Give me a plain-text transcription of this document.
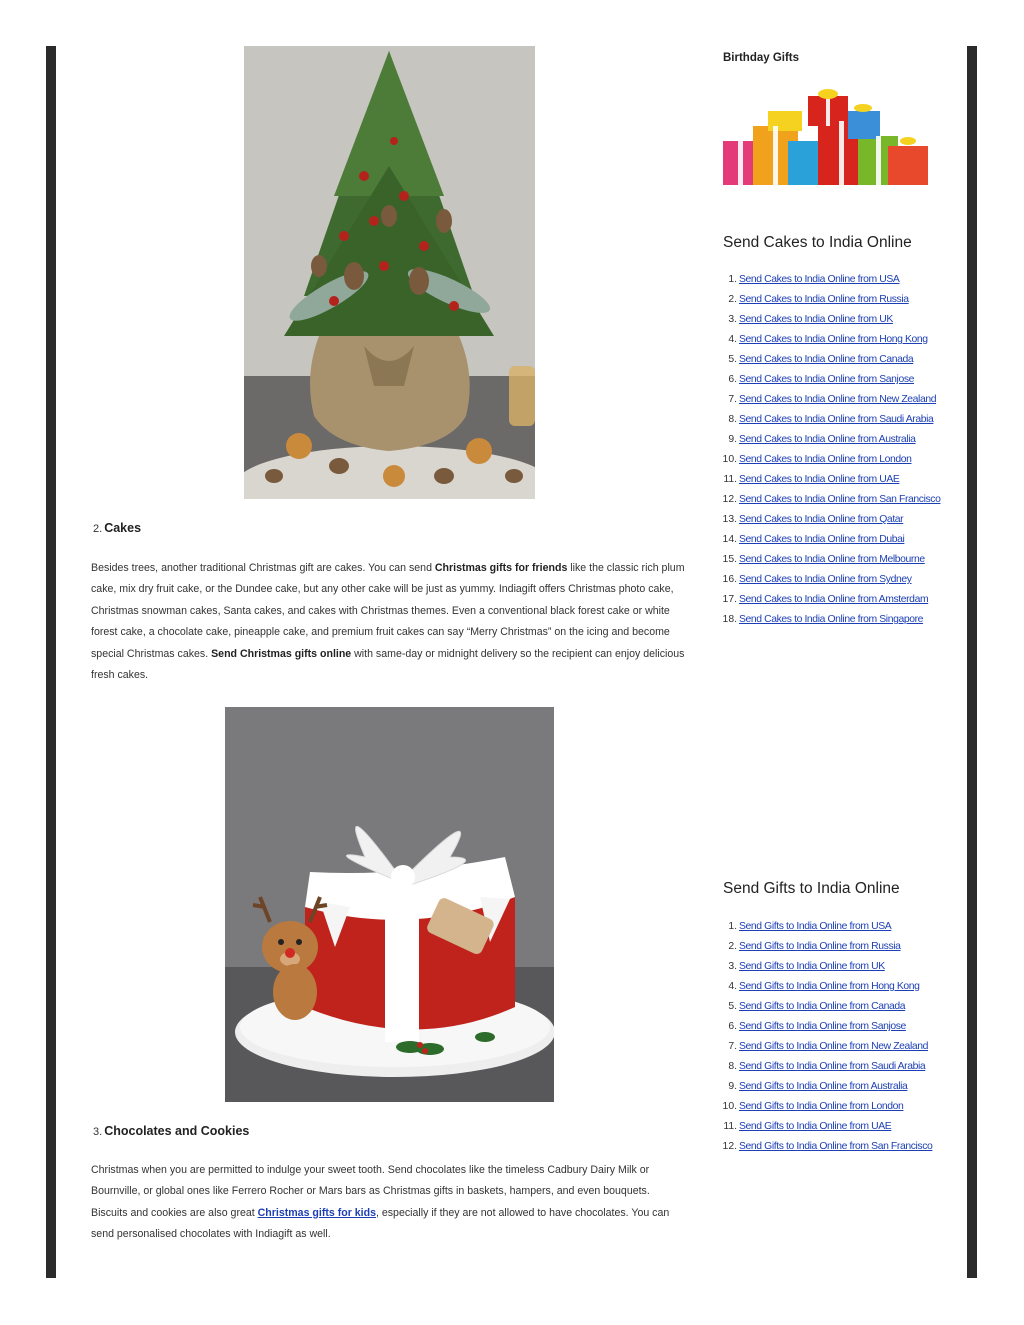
2. Cakes

Besides trees, another traditional Christmas gift are cakes. You can send Christmas gifts for friends like the classic rich plum cake, mix dry fruit cake, or the Dundee cake, but any other cake will be just as yummy. Indiagift offers Christmas photo cake, Christmas snowman cakes, Santa cakes, and cakes with Christmas themes. Even a conventional black forest cake or white forest cake, a chocolate cake, pineapple cake, and premium fruit cakes can say “Merry Christmas” on the icing and become special Christmas cakes. Send Christmas gifts online with same-day or midnight delivery so the recipient can enjoy delicious fresh cakes.

3. Chocolates and Cookies

Christmas when you are permitted to indulge your sweet tooth. Send chocolates like the timeless Cadbury Dairy Milk or Bournville, or global ones like Ferrero Rocher or Mars bars as Christmas gifts in baskets, hampers, and even bouquets. Biscuits and cookies are also great Christmas gifts for kids, especially if they are not allowed to have chocolates. You can send personalised chocolates with Indiagift as well.

Birthday Gifts
Send Cakes to India Online
1. Send Cakes to India Online from USA
2. Send Cakes to India Online from Russia
3. Send Cakes to India Online from UK
4. Send Cakes to India Online from Hong Kong
5. Send Cakes to India Online from Canada
6. Send Cakes to India Online from Sanjose
7. Send Cakes to India Online from New Zealand
8. Send Cakes to India Online from Saudi Arabia
9. Send Cakes to India Online from Australia
10. Send Cakes to India Online from London
11. Send Cakes to India Online from UAE
12. Send Cakes to India Online from San Francisco
13. Send Cakes to India Online from Qatar
14. Send Cakes to India Online from Dubai
15. Send Cakes to India Online from Melbourne
16. Send Cakes to India Online from Sydney
17. Send Cakes to India Online from Amsterdam
18. Send Cakes to India Online from Singapore
Send Gifts to India Online
1. Send Gifts to India Online from USA
2. Send Gifts to India Online from Russia
3. Send Gifts to India Online from UK
4. Send Gifts to India Online from Hong Kong
5. Send Gifts to India Online from Canada
6. Send Gifts to India Online from Sanjose
7. Send Gifts to India Online from New Zealand
8. Send Gifts to India Online from Saudi Arabia
9. Send Gifts to India Online from Australia
10. Send Gifts to India Online from London
11. Send Gifts to India Online from UAE
12. Send Gifts to India Online from San Francisco
